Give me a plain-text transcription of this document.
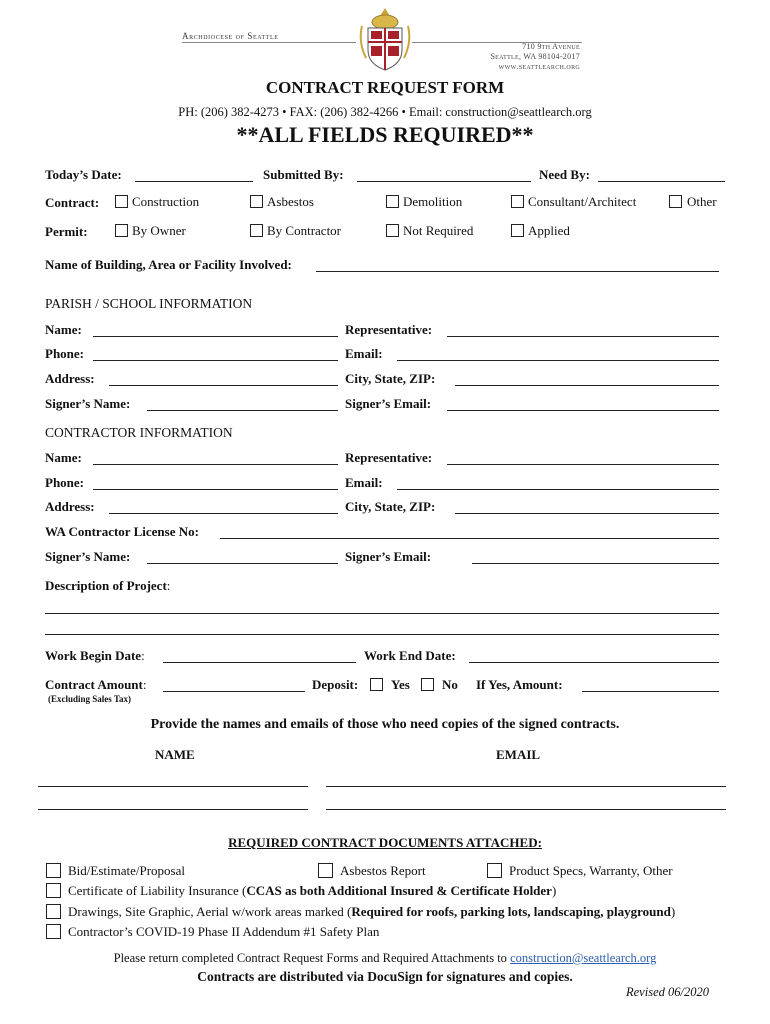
Archdiocese of Seattle
710 9th Avenue
Seattle, WA 98104-2017
www.seattlearch.org
CONTRACT REQUEST FORM
PH: (206) 382-4273 • FAX: (206) 382-4266 • Email: construction@seattlearch.org
**ALL FIELDS REQUIRED**
Today’s Date:	Submitted By:	Need By:
Contract:	Construction	Asbestos	Demolition	Consultant/Architect	Other
Permit:	By Owner	By Contractor	Not Required	Applied
Name of Building, Area or Facility Involved:
PARISH / SCHOOL INFORMATION
Name:	Representative:
Phone:	Email:
Address:	City, State, ZIP:
Signer’s Name:	Signer’s Email:
CONTRACTOR INFORMATION
Name:	Representative:
Phone:	Email:
Address:	City, State, ZIP:
WA Contractor License No:
Signer’s Name:	Signer’s Email:
Description of Project:
Work Begin Date:	Work End Date:
Contract Amount:
(Excluding Sales Tax)
Deposit:	Yes No If Yes, Amount:
Provide the names and emails of those who need copies of the signed contracts.
NAME	EMAIL
REQUIRED CONTRACT DOCUMENTS ATTACHED:
Bid/Estimate/Proposal	Asbestos Report	Product Specs, Warranty, Other
Certificate of Liability Insurance (CCAS as both Additional Insured & Certificate Holder)
Drawings, Site Graphic, Aerial w/work areas marked (Required for roofs, parking lots, landscaping, playground)
Contractor’s COVID-19 Phase II Addendum #1 Safety Plan
Please return completed Contract Request Forms and Required Attachments to construction@seattlearch.org
Contracts are distributed via DocuSign for signatures and copies.
Revised 06/2020
